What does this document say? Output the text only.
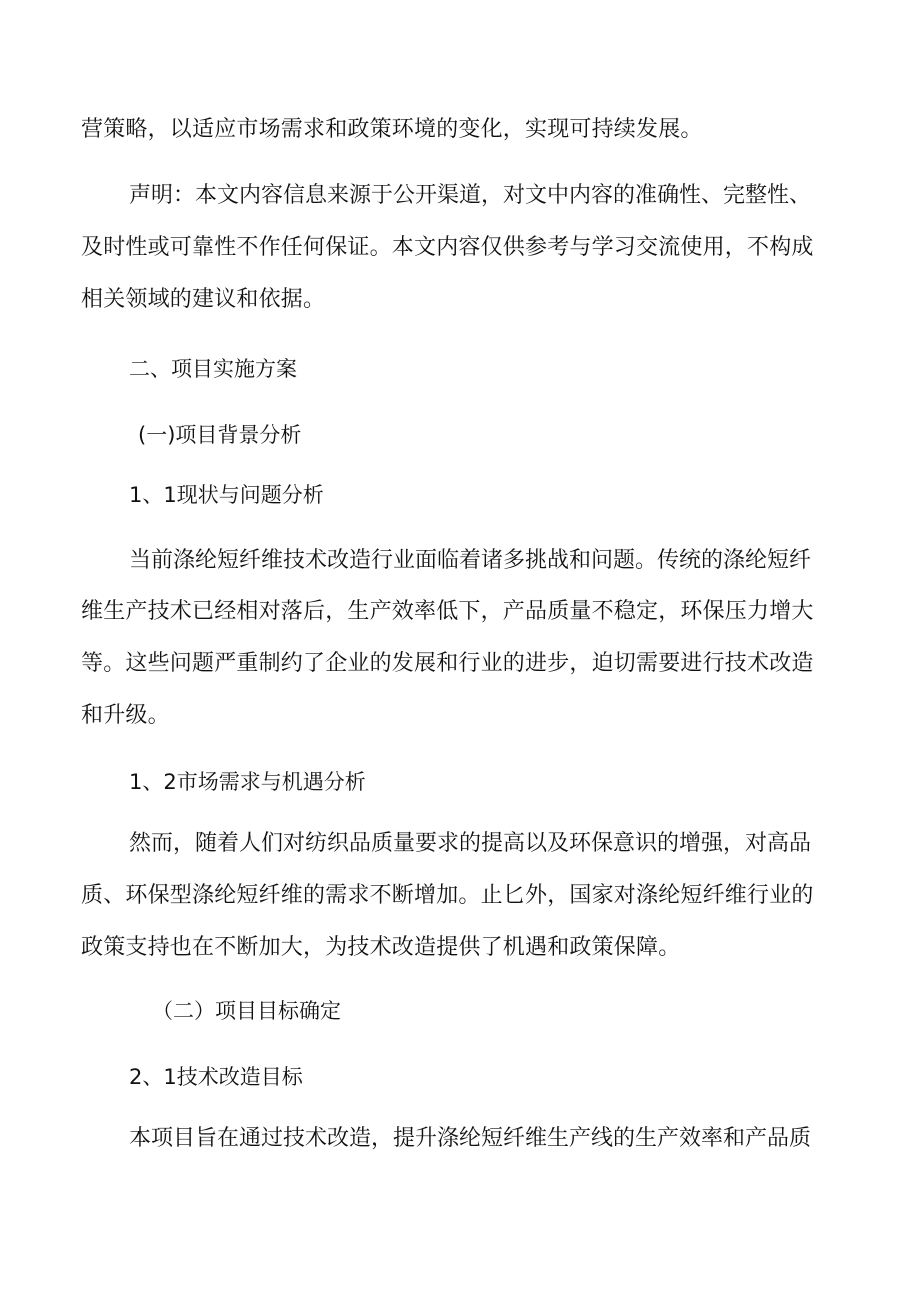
营策略，以适应市场需求和政策环境的变化，实现可持续发展。
声明：本文内容信息来源于公开渠道，对文中内容的准确性、完整性、
及时性或可靠性不作任何保证。本文内容仅供参考与学习交流使用，不构成
相关领域的建议和依据。
二、项目实施方案
(一)项目背景分析
1、1现状与问题分析
当前涤纶短纤维技术改造行业面临着诸多挑战和问题。传统的涤纶短纤
维生产技术已经相对落后，生产效率低下，产品质量不稳定，环保压力增大
等。这些问题严重制约了企业的发展和行业的进步，迫切需要进行技术改造
和升级。
1、2市场需求与机遇分析
然而，随着人们对纺织品质量要求的提高以及环保意识的增强，对高品
质、环保型涤纶短纤维的需求不断增加。止匕外，国家对涤纶短纤维行业的
政策支持也在不断加大，为技术改造提供了机遇和政策保障。
（二）项目目标确定
2、1技术改造目标
本项目旨在通过技术改造，提升涤纶短纤维生产线的生产效率和产品质
